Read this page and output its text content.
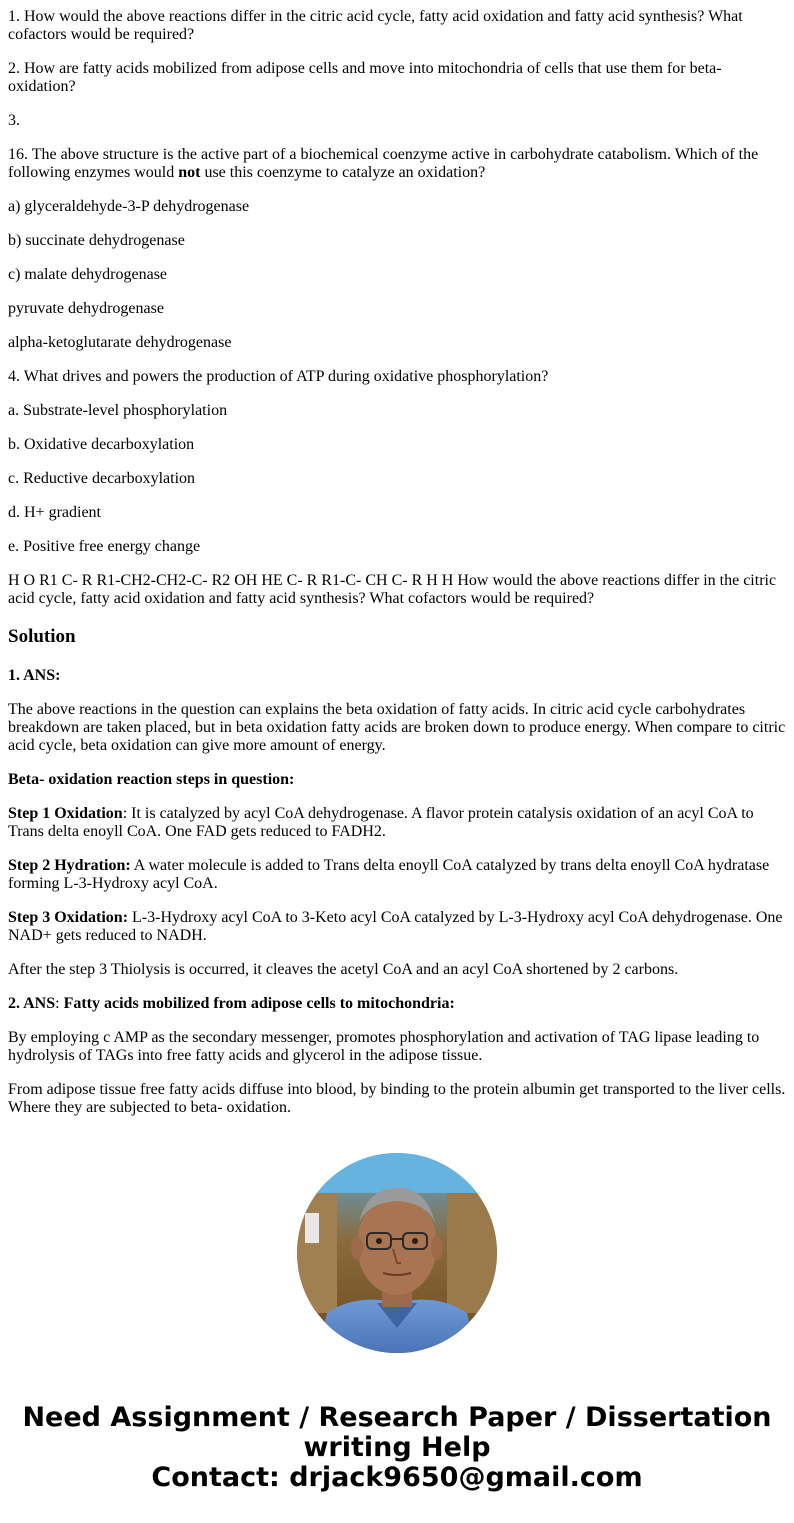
1. How would the above reactions differ in the citric acid cycle, fatty acid oxidation and fatty acid synthesis? What cofactors would be required?

2. How are fatty acids mobilized from adipose cells and move into mitochondria of cells that use them for beta-oxidation?

3.

16. The above structure is the active part of a biochemical coenzyme active in carbohydrate catabolism. Which of the following enzymes would not use this coenzyme to catalyze an oxidation?

a) glyceraldehyde-3-P dehydrogenase

b) succinate dehydrogenase

c) malate dehydrogenase

pyruvate dehydrogenase

alpha-ketoglutarate dehydrogenase

4. What drives and powers the production of ATP during oxidative phosphorylation?

a. Substrate-level phosphorylation

b. Oxidative decarboxylation

c. Reductive decarboxylation

d. H+ gradient

e. Positive free energy change

H O R1 C- R R1-CH2-CH2-C- R2 OH HE C- R R1-C- CH C- R H H How would the above reactions differ in the citric acid cycle, fatty acid oxidation and fatty acid synthesis? What cofactors would be required?

Solution

1. ANS:

The above reactions in the question can explains the beta oxidation of fatty acids. In citric acid cycle carbohydrates breakdown are taken placed, but in beta oxidation fatty acids are broken down to produce energy. When compare to citric acid cycle, beta oxidation can give more amount of energy.

Beta- oxidation reaction steps in question:

Step 1 Oxidation: It is catalyzed by acyl CoA dehydrogenase. A flavor protein catalysis oxidation of an acyl CoA to Trans delta enoyll CoA. One FAD gets reduced to FADH2.

Step 2 Hydration: A water molecule is added to Trans delta enoyll CoA catalyzed by trans delta enoyll CoA hydratase forming L-3-Hydroxy acyl CoA.

Step 3 Oxidation: L-3-Hydroxy acyl CoA to 3-Keto acyl CoA catalyzed by L-3-Hydroxy acyl CoA dehydrogenase. One NAD+ gets reduced to NADH.

After the step 3 Thiolysis is occurred, it cleaves the acetyl CoA and an acyl CoA shortened by 2 carbons.

2. ANS: Fatty acids mobilized from adipose cells to mitochondria:

By employing c AMP as the secondary messenger, promotes phosphorylation and activation of TAG lipase leading to hydrolysis of TAGs into free fatty acids and glycerol in the adipose tissue.

From adipose tissue free fatty acids diffuse into blood, by binding to the protein albumin get transported to the liver cells. Where they are subjected to beta- oxidation.

Need Assignment / Research Paper / Dissertation
writing Help
Contact: drjack9650@gmail.com
